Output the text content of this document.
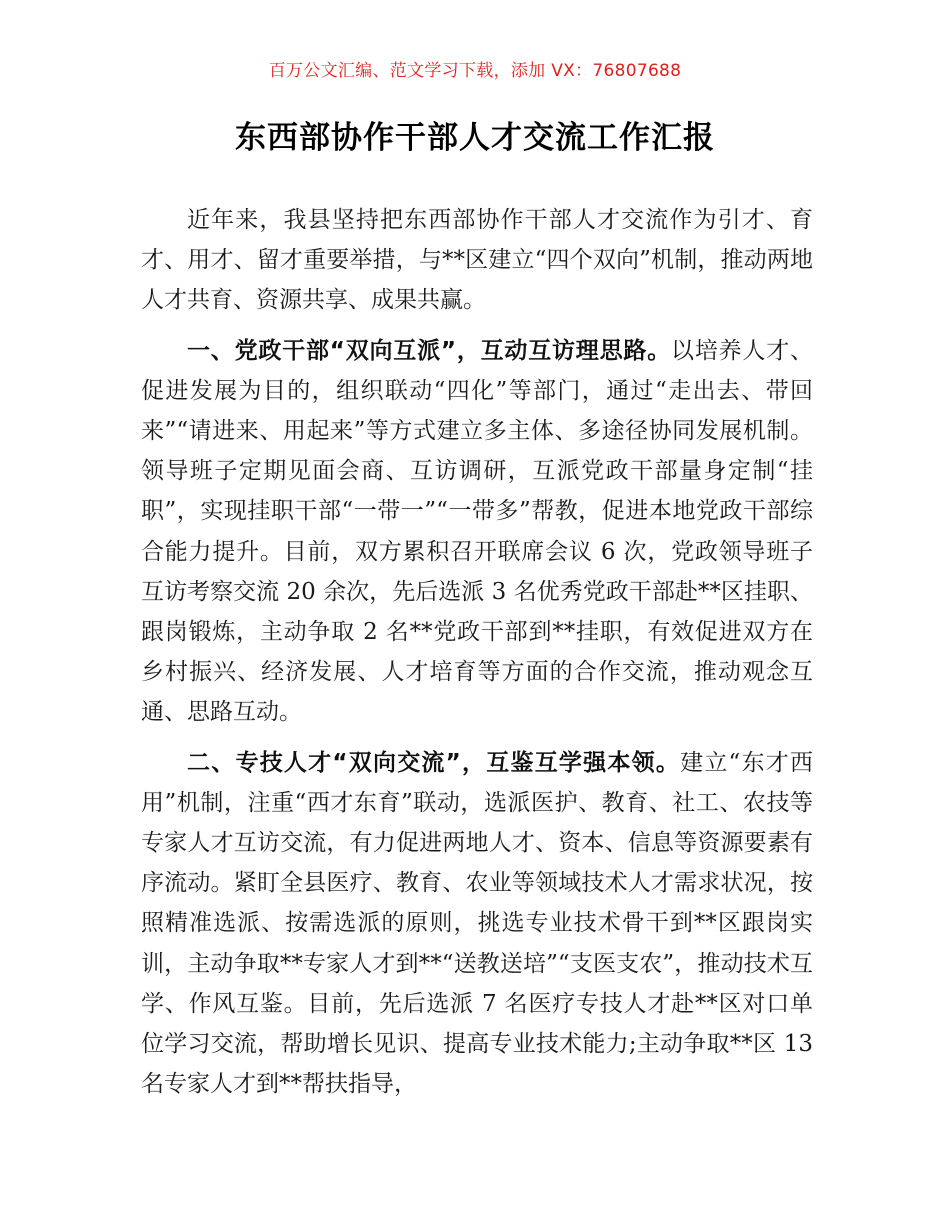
百万公文汇编、范文学习下载，添加 VX：76807688
东西部协作干部人才交流工作汇报

近年来，我县坚持把东西部协作干部人才交流作为引才、育才、用才、留才重要举措，与**区建立“四个双向”机制，推动两地人才共育、资源共享、成果共赢。

一、党政干部“双向互派”，互动互访理思路。以培养人才、促进发展为目的，组织联动“四化”等部门，通过“走出去、带回来”“请进来、用起来”等方式建立多主体、多途径协同发展机制。领导班子定期见面会商、互访调研，互派党政干部量身定制“挂职”，实现挂职干部“一带一”“一带多”帮教，促进本地党政干部综合能力提升。目前，双方累积召开联席会议 6 次，党政领导班子互访考察交流 20 余次，先后选派 3 名优秀党政干部赴**区挂职、跟岗锻炼，主动争取 2 名**党政干部到**挂职，有效促进双方在乡村振兴、经济发展、人才培育等方面的合作交流，推动观念互通、思路互动。

二、专技人才“双向交流”，互鉴互学强本领。建立“东才西用”机制，注重“西才东育”联动，选派医护、教育、社工、农技等专家人才互访交流，有力促进两地人才、资本、信息等资源要素有序流动。紧盯全县医疗、教育、农业等领域技术人才需求状况，按照精准选派、按需选派的原则，挑选专业技术骨干到**区跟岗实训，主动争取**专家人才到**“送教送培”“支医支农”，推动技术互学、作风互鉴。目前，先后选派 7 名医疗专技人才赴**区对口单位学习交流，帮助增长见识、提高专业技术能力;主动争取**区 13 名专家人才到**帮扶指导，
